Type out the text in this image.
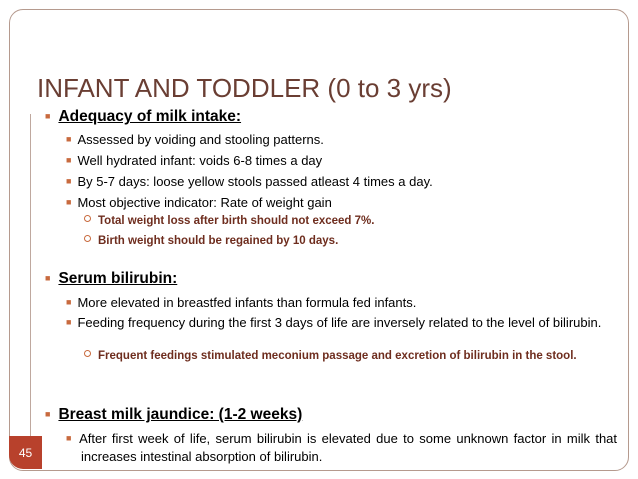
INFANT AND TODDLER (0 to 3 yrs)
■ Adequacy of milk intake:
■ Assessed by voiding and stooling patterns.
■ Well hydrated infant: voids 6-8 times a day
■ By 5-7 days: loose yellow stools passed atleast 4 times a day.
■ Most objective indicator: Rate of weight gain
Total weight loss after birth should not exceed 7%.
Birth weight should be regained by 10 days.
■ Serum bilirubin:
■ More elevated in breastfed infants than formula fed infants.
■ Feeding frequency during the first 3 days of life are inversely related to the level of bilirubin.
Frequent feedings stimulated meconium passage and excretion of bilirubin in the stool.
■ Breast milk jaundice: (1-2 weeks)
■ After first week of life, serum bilirubin is elevated due to some unknown factor in milk that increases intestinal absorption of bilirubin.
45
